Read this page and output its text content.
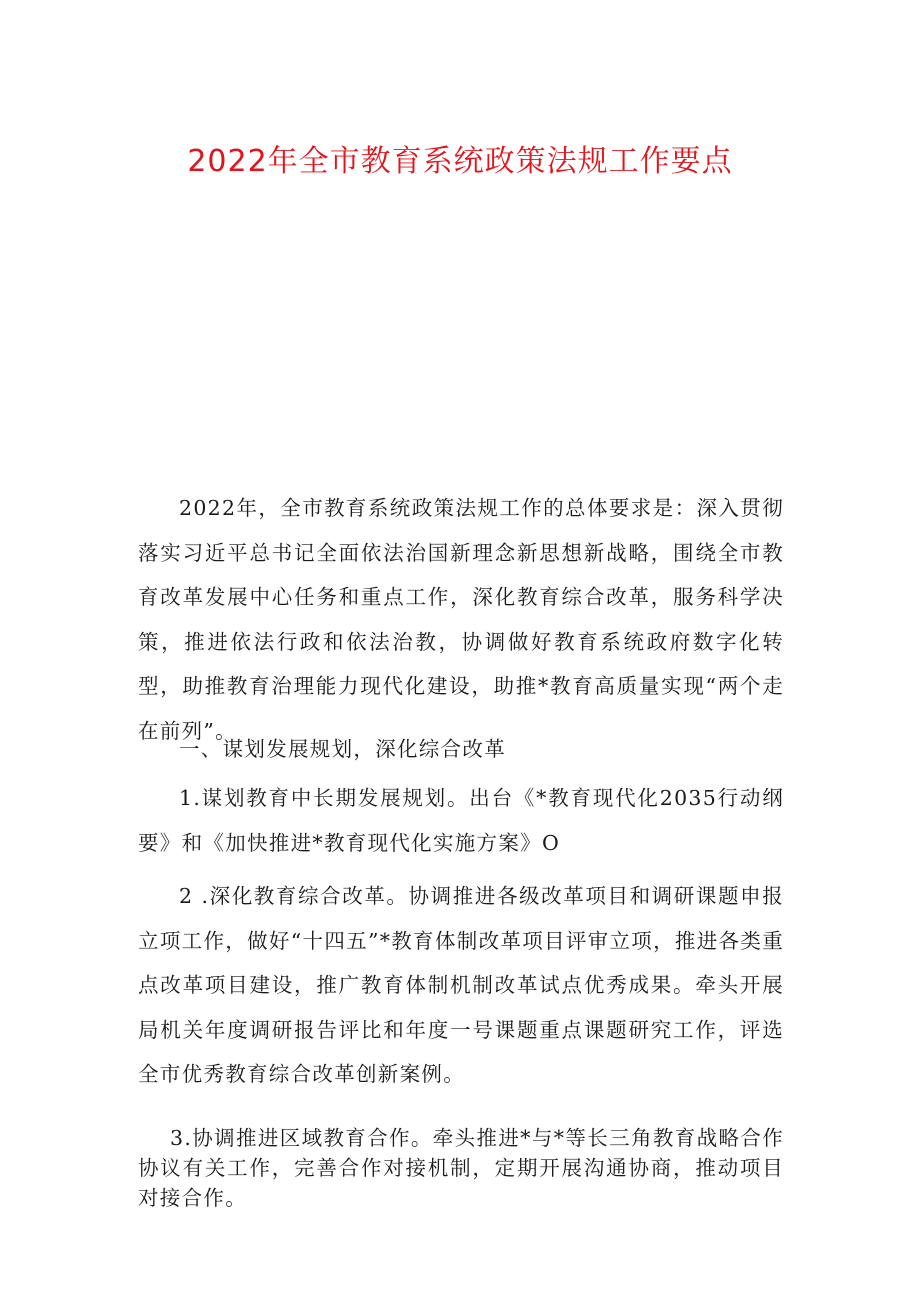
2022年全市教育系统政策法规工作要点

2022年，全市教育系统政策法规工作的总体要求是：深入贯彻落实习近平总书记全面依法治国新理念新思想新战略，围绕全市教育改革发展中心任务和重点工作，深化教育综合改革，服务科学决策，推进依法行政和依法治教，协调做好教育系统政府数字化转型，助推教育治理能力现代化建设，助推*教育高质量实现“两个走在前列”。

一、谋划发展规划，深化综合改革

1.谋划教育中长期发展规划。出台《*教育现代化2035行动纲要》和《加快推进*教育现代化实施方案》O

2 .深化教育综合改革。协调推进各级改革项目和调研课题申报立项工作，做好“十四五”*教育体制改革项目评审立项，推进各类重点改革项目建设，推广教育体制机制改革试点优秀成果。牵头开展局机关年度调研报告评比和年度一号课题重点课题研究工作，评选全市优秀教育综合改革创新案例。

3.协调推进区域教育合作。牵头推进*与*等长三角教育战略合作协议有关工作，完善合作对接机制，定期开展沟通协商，推动项目对接合作。
